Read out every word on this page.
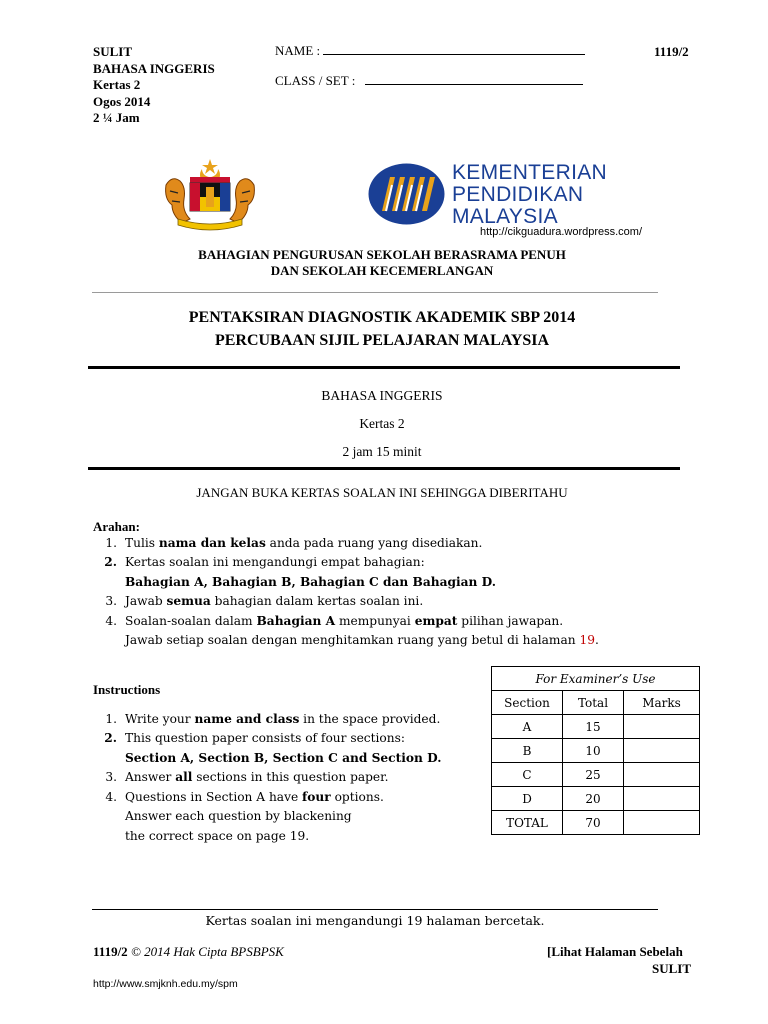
SULIT
BAHASA INGGERIS
Kertas 2
Ogos 2014
2 ¼ Jam
NAME :
CLASS / SET :
1119/2
KEMENTERIAN
PENDIDIKAN
MALAYSIA
http://cikguadura.wordpress.com/
BAHAGIAN PENGURUSAN SEKOLAH BERASRAMA PENUH
DAN SEKOLAH KECEMERLANGAN
PENTAKSIRAN DIAGNOSTIK AKADEMIK SBP 2014
PERCUBAAN SIJIL PELAJARAN MALAYSIA
BAHASA INGGERIS
Kertas 2
2 jam 15 minit
JANGAN BUKA KERTAS SOALAN INI SEHINGGA DIBERITAHU
Arahan:
1. Tulis nama dan kelas anda pada ruang yang disediakan.
2. Kertas soalan ini mengandungi empat bahagian:
Bahagian A, Bahagian B, Bahagian C dan Bahagian D.
3. Jawab semua bahagian dalam kertas soalan ini.
4. Soalan-soalan dalam Bahagian A mempunyai empat pilihan jawapan.
Jawab setiap soalan dengan menghitamkan ruang yang betul di halaman 19.
Instructions
1. Write your name and class in the space provided.
2. This question paper consists of four sections:
Section A, Section B, Section C and Section D.
3. Answer all sections in this question paper.
4. Questions in Section A have four options.
Answer each question by blackening
the correct space on page 19.
For Examiner’s Use		
Section	Total	Marks
A	15	
B	10	
C	25	
D	20	
TOTAL	70	
Kertas soalan ini mengandungi 19 halaman bercetak.
1119/2 © 2014 Hak Cipta BPSBPSK	[Lihat Halaman Sebelah
SULIT
http://www.smjknh.edu.my/spm
